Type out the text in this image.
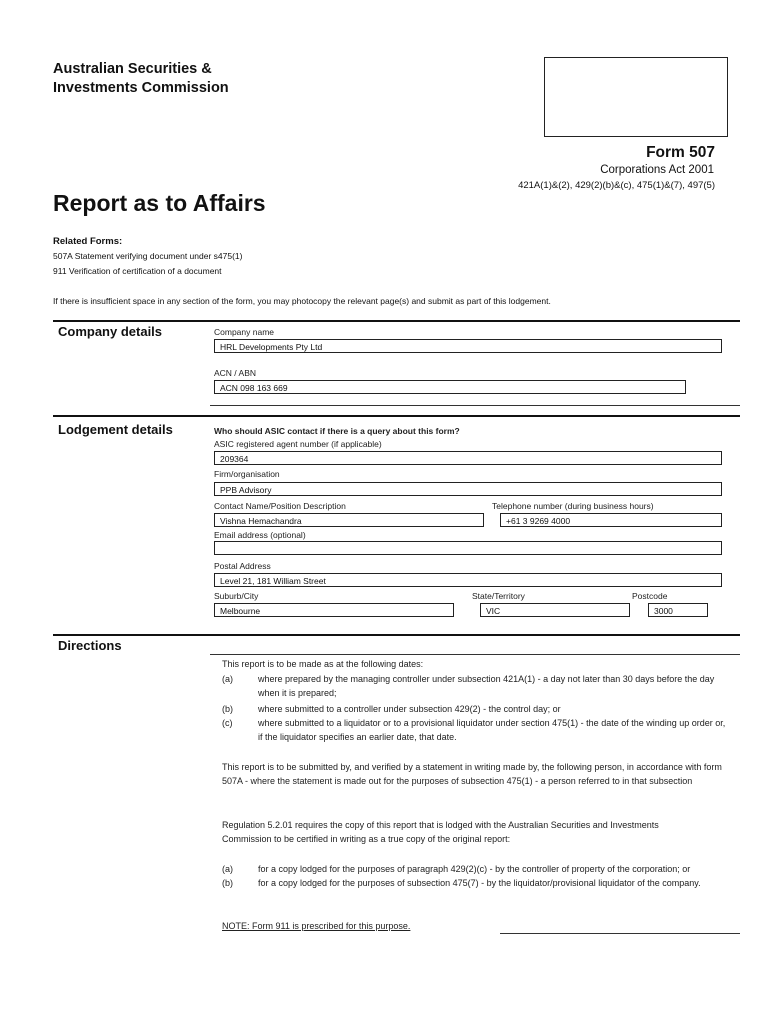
Australian Securities &
Investments Commission
Form 507
Corporations Act 2001
421A(1)&(2), 429(2)(b)&(c), 475(1)&(7), 497(5)
Report as to Affairs
Related Forms:
507A Statement verifying document under s475(1)
911 Verification of certification of a document
If there is insufficient space in any section of the form, you may photocopy the relevant page(s) and submit as part of this lodgement.
Company details	Company name
HRL Developments Pty Ltd
ACN / ABN
ACN 098 163 669
Lodgement details	Who should ASIC contact if there is a query about this form?
ASIC registered agent number (if applicable)
209364
Firm/organisation
PPB Advisory
Contact Name/Position Description
Vishna Hemachandra
Telephone number (during business hours)
+61 3 9269 4000
Email address (optional)
Postal Address
Level 21, 181 William Street
Suburb/City
Melbourne
State/Territory
VIC
Postcode
3000
Directions
This report is to be made as at the following dates:
(a)	where prepared by the managing controller under subsection 421A(1) - a day not later than 30 days before the day when it is prepared;
(b)	where submitted to a controller under subsection 429(2) - the control day; or
(c)	where submitted to a liquidator or to a provisional liquidator under section 475(1) - the date of the winding up order or, if the liquidator specifies an earlier date, that date.
This report is to be submitted by, and verified by a statement in writing made by, the following person, in accordance with form 507A - where the statement is made out for the purposes of subsection 475(1) - a person referred to in that subsection
Regulation 5.2.01 requires the copy of this report that is lodged with the Australian Securities and Investments Commission to be certified in writing as a true copy of the original report:
(a)	for a copy lodged for the purposes of paragraph 429(2)(c) - by the controller of property of the corporation; or
(b)	for a copy lodged for the purposes of subsection 475(7) - by the liquidator/provisional liquidator of the company.
NOTE: Form 911 is prescribed for this purpose.
